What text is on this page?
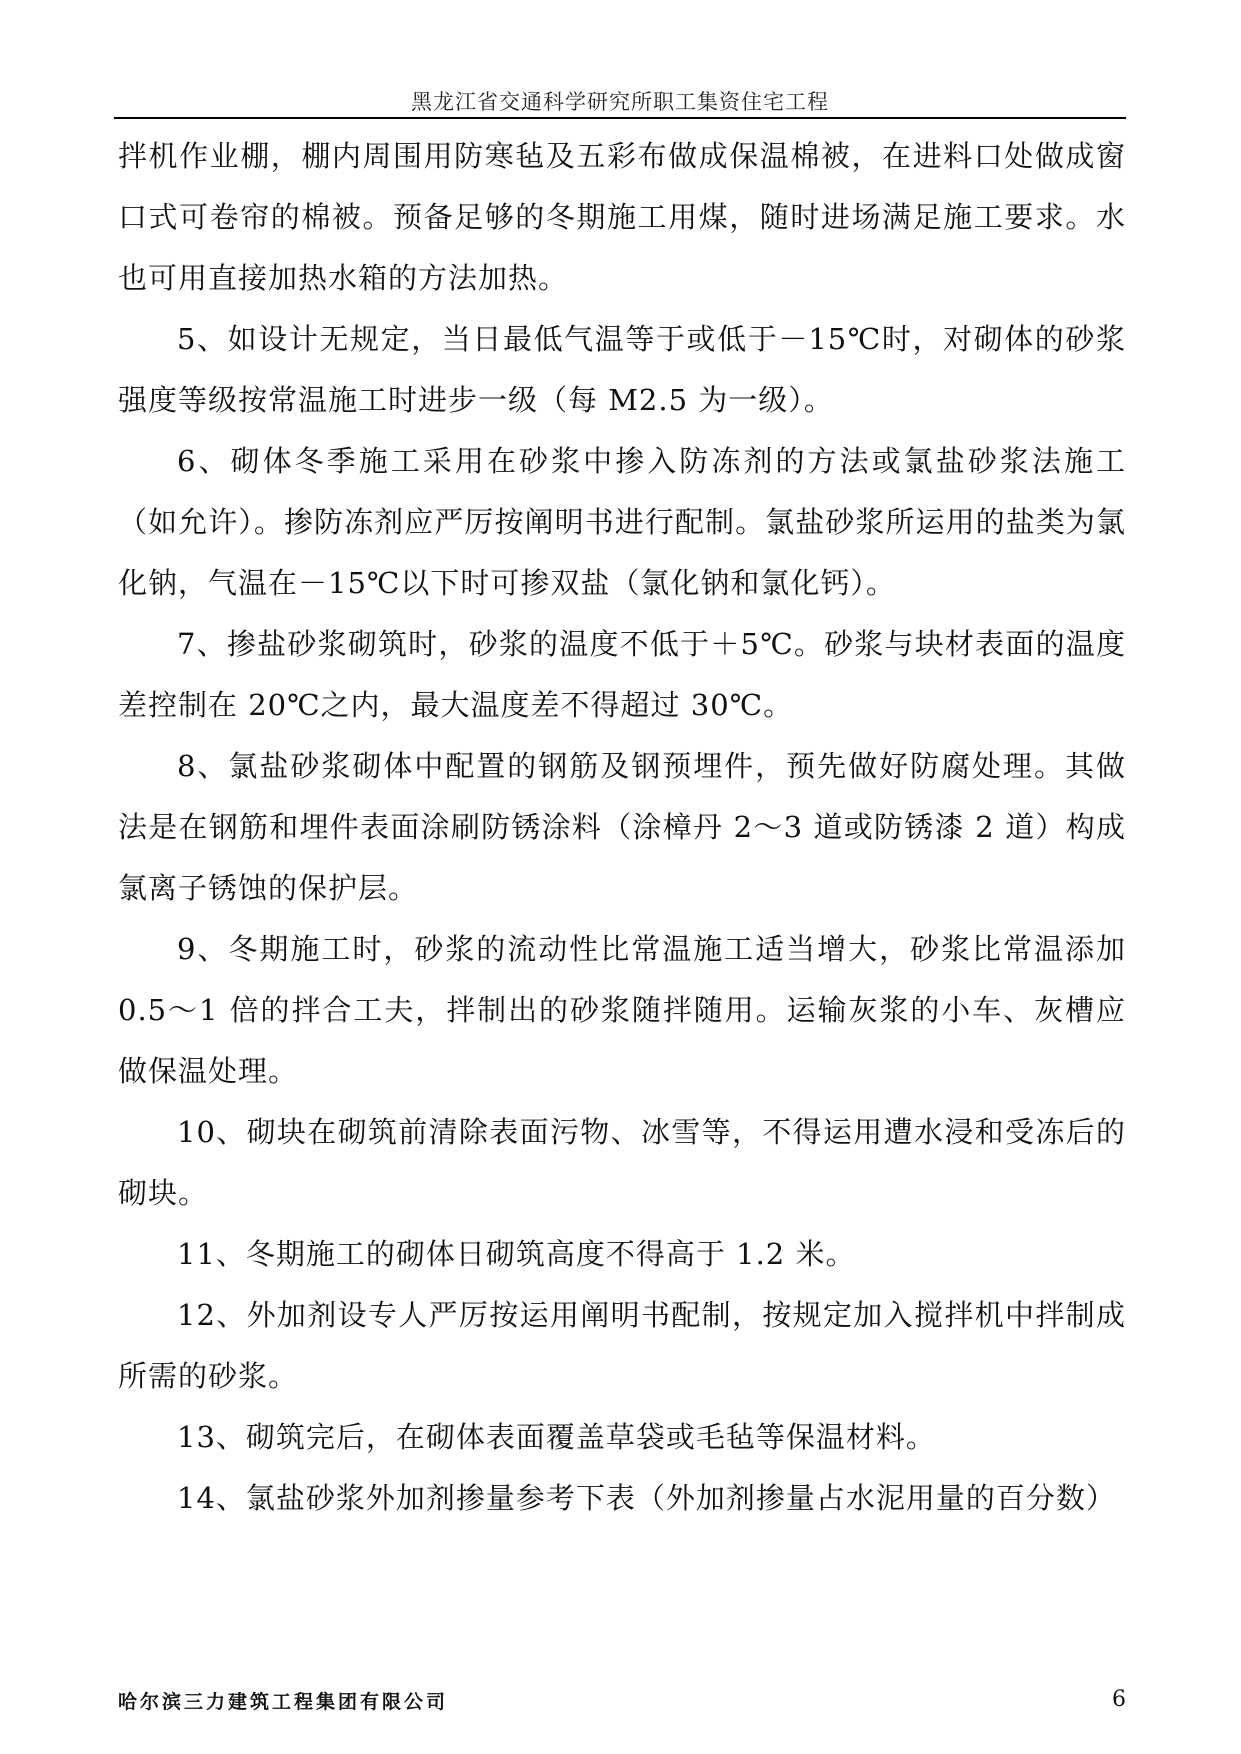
黑龙江省交通科学研究所职工集资住宅工程

拌机作业棚，棚内周围用防寒毡及五彩布做成保温棉被，在进料口处做成窗口式可卷帘的棉被。预备足够的冬期施工用煤，随时进场满足施工要求。水也可用直接加热水箱的方法加热。

5、如设计无规定，当日最低气温等于或低于－15℃时，对砌体的砂浆强度等级按常温施工时进步一级（每 M2.5 为一级）。

6、砌体冬季施工采用在砂浆中掺入防冻剂的方法或氯盐砂浆法施工（如允许）。掺防冻剂应严厉按阐明书进行配制。氯盐砂浆所运用的盐类为氯化钠，气温在－15℃以下时可掺双盐（氯化钠和氯化钙）。

7、掺盐砂浆砌筑时，砂浆的温度不低于＋5℃。砂浆与块材表面的温度差控制在 20℃之内，最大温度差不得超过 30℃。

8、氯盐砂浆砌体中配置的钢筋及钢预埋件，预先做好防腐处理。其做法是在钢筋和埋件表面涂刷防锈涂料（涂樟丹 2～3 道或防锈漆 2 道）构成氯离子锈蚀的保护层。

9、冬期施工时，砂浆的流动性比常温施工适当增大，砂浆比常温添加 0.5～1 倍的拌合工夫，拌制出的砂浆随拌随用。运输灰浆的小车、灰槽应做保温处理。

10、砌块在砌筑前清除表面污物、冰雪等，不得运用遭水浸和受冻后的砌块。

11、冬期施工的砌体日砌筑高度不得高于 1.2 米。

12、外加剂设专人严厉按运用阐明书配制，按规定加入搅拌机中拌制成所需的砂浆。

13、砌筑完后，在砌体表面覆盖草袋或毛毡等保温材料。

14、氯盐砂浆外加剂掺量参考下表（外加剂掺量占水泥用量的百分数）

哈尔滨三力建筑工程集团有限公司	6
